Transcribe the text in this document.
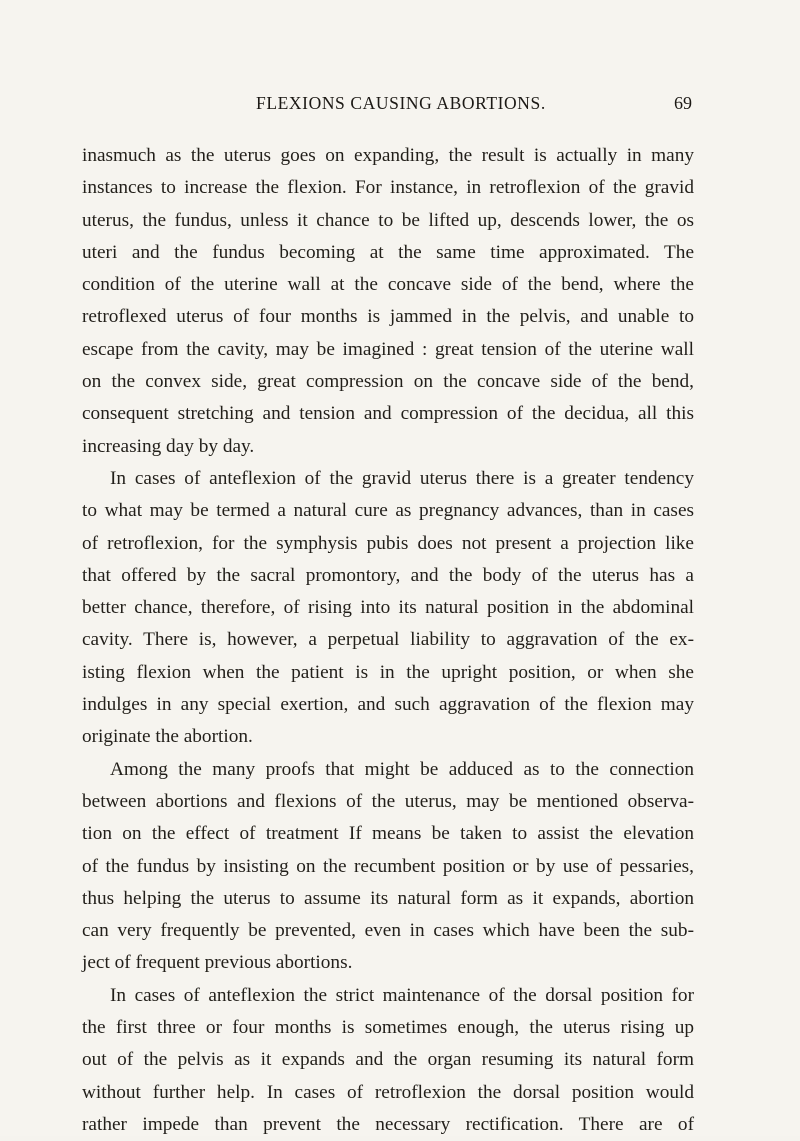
FLEXIONS CAUSING ABORTIONS.	69
inasmuch as the uterus goes on expanding, the result is actually in many
instances to increase the flexion. For instance, in retroflexion of the gravid
uterus, the fundus, unless it chance to be lifted up, descends lower, the os
uteri and the fundus becoming at the same time approximated. The
condition of the uterine wall at the concave side of the bend, where the
retroflexed uterus of four months is jammed in the pelvis, and unable to
escape from the cavity, may be imagined : great tension of the uterine wall
on the convex side, great compression on the concave side of the bend,
consequent stretching and tension and compression of the decidua, all this
increasing day by day.
In cases of anteflexion of the gravid uterus there is a greater tendency
to what may be termed a natural cure as pregnancy advances, than in cases
of retroflexion, for the symphysis pubis does not present a projection like
that offered by the sacral promontory, and the body of the uterus has a
better chance, therefore, of rising into its natural position in the abdominal
cavity. There is, however, a perpetual liability to aggravation of the ex-
isting flexion when the patient is in the upright position, or when she
indulges in any special exertion, and such aggravation of the flexion may
originate the abortion.
Among the many proofs that might be adduced as to the connection
between abortions and flexions of the uterus, may be mentioned observa-
tion on the effect of treatment If means be taken to assist the elevation
of the fundus by insisting on the recumbent position or by use of pessaries,
thus helping the uterus to assume its natural form as it expands, abortion
can very frequently be prevented, even in cases which have been the sub-
ject of frequent previous abortions.
In cases of anteflexion the strict maintenance of the dorsal position for
the first three or four months is sometimes enough, the uterus rising up
out of the pelvis as it expands and the organ resuming its natural form
without further help. In cases of retroflexion the dorsal position would
rather impede than prevent the necessary rectification. There are of
